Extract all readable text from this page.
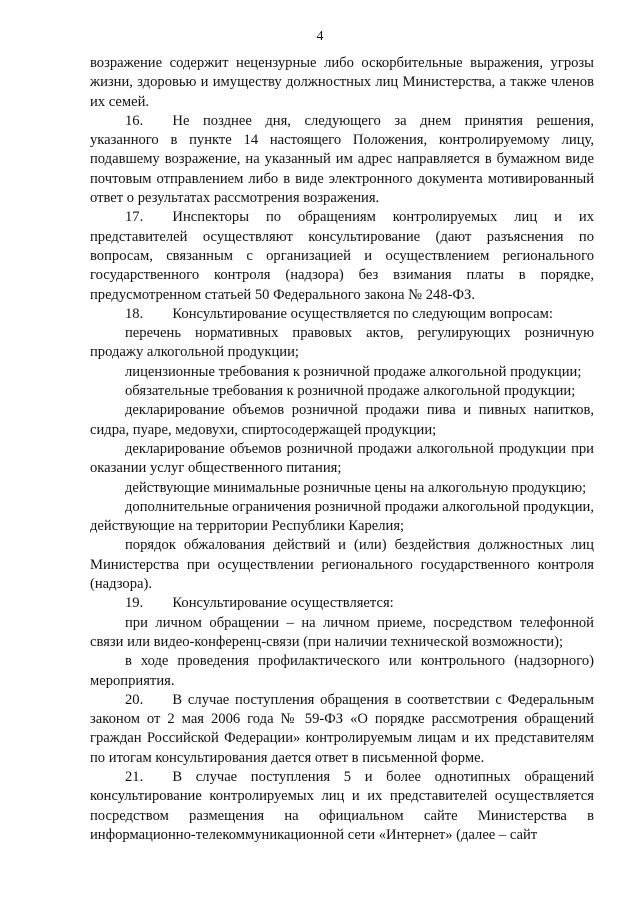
4

возражение содержит нецензурные либо оскорбительные выражения, угрозы жизни, здоровью и имуществу должностных лиц Министерства, а также членов их семей.

16.  Не позднее дня, следующего за днем принятия решения, указанного в пункте 14 настоящего Положения, контролируемому лицу, подавшему возражение, на указанный им адрес направляется в бумажном виде почтовым отправлением либо в виде электронного документа мотивированный ответ о результатах рассмотрения возражения.

17.  Инспекторы по обращениям контролируемых лиц и их представителей осуществляют консультирование (дают разъяснения по вопросам, связанным с организацией и осуществлением регионального государственного контроля (надзора) без взимания платы в порядке, предусмотренном статьей 50 Федерального закона № 248-ФЗ.

18.  Консультирование осуществляется по следующим вопросам:

перечень нормативных правовых актов, регулирующих розничную продажу алкогольной продукции;

лицензионные требования к розничной продаже алкогольной продукции;

обязательные требования к розничной продаже алкогольной продукции;

декларирование объемов розничной продажи пива и пивных напитков, сидра, пуаре, медовухи, спиртосодержащей продукции;

декларирование объемов розничной продажи алкогольной продукции при оказании услуг общественного питания;

действующие минимальные розничные цены на алкогольную продукцию;

дополнительные ограничения розничной продажи алкогольной продукции, действующие на территории Республики Карелия;

порядок обжалования действий и (или) бездействия должностных лиц Министерства при осуществлении регионального государственного контроля (надзора).

19.  Консультирование осуществляется:

при личном обращении – на личном приеме, посредством телефонной связи или видео-конференц-связи (при наличии технической возможности);

в ходе проведения профилактического или контрольного (надзорного) мероприятия.

20.  В случае поступления обращения в соответствии с Федеральным законом от 2 мая 2006 года № 59-ФЗ «О порядке рассмотрения обращений граждан Российской Федерации» контролируемым лицам и их представителям по итогам консультирования дается ответ в письменной форме.

21.  В случае поступления 5 и более однотипных обращений консультирование контролируемых лиц и их представителей осуществляется посредством размещения на официальном сайте Министерства в информационно-телекоммуникационной сети «Интернет» (далее – сайт
